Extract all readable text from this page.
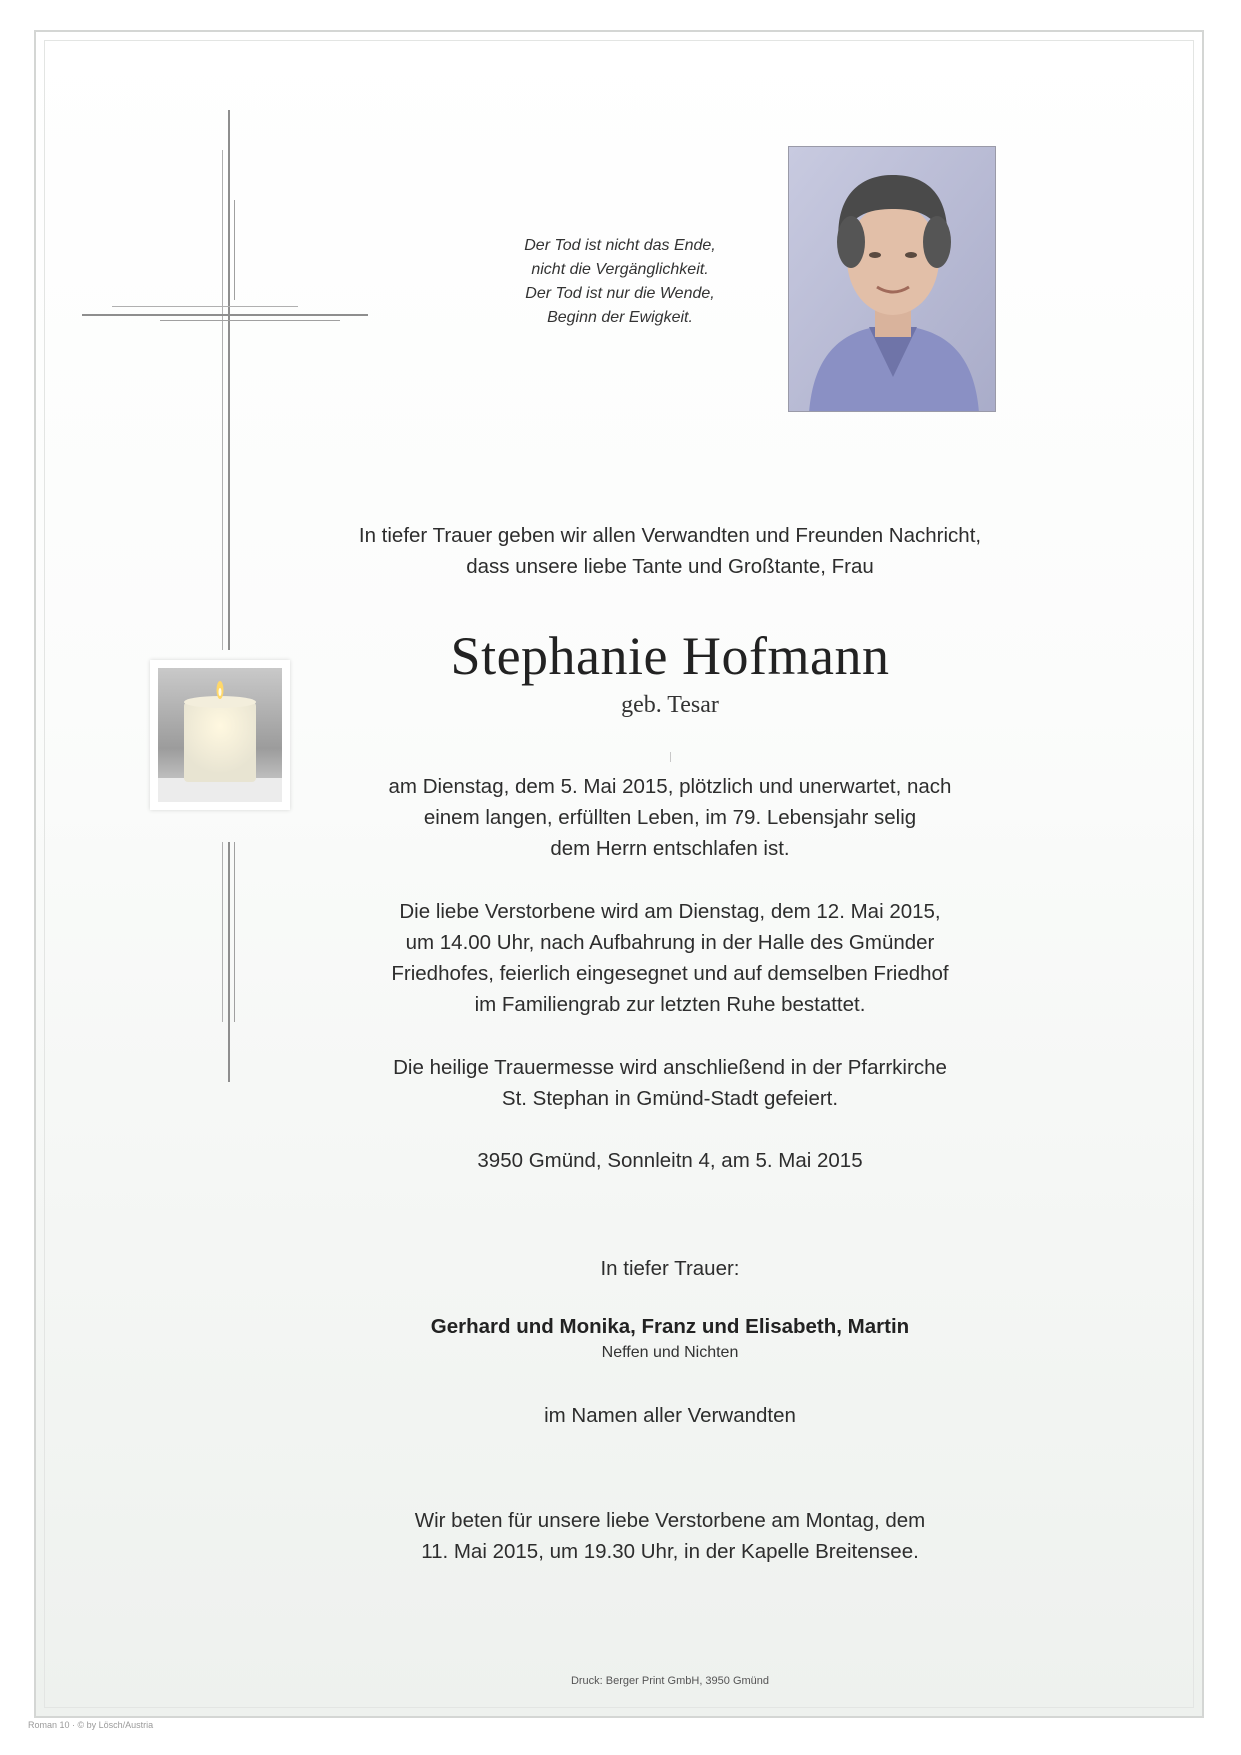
Der Tod ist nicht das Ende,
nicht die Vergänglichkeit.
Der Tod ist nur die Wende,
Beginn der Ewigkeit.
In tiefer Trauer geben wir allen Verwandten und Freunden Nachricht,
dass unsere liebe Tante und Großtante, Frau
Stephanie Hofmann
geb. Tesar
am Dienstag, dem 5. Mai 2015, plötzlich und unerwartet, nach
einem langen, erfüllten Leben, im 79. Lebensjahr selig
dem Herrn entschlafen ist.
Die liebe Verstorbene wird am Dienstag, dem 12. Mai 2015,
um 14.00 Uhr, nach Aufbahrung in der Halle des Gmünder
Friedhofes, feierlich eingesegnet und auf demselben Friedhof
im Familiengrab zur letzten Ruhe bestattet.
Die heilige Trauermesse wird anschließend in der Pfarrkirche
St. Stephan in Gmünd-Stadt gefeiert.
3950 Gmünd, Sonnleitn 4, am 5. Mai 2015
In tiefer Trauer:
Gerhard und Monika, Franz und Elisabeth, Martin
Neffen und Nichten
im Namen aller Verwandten
Wir beten für unsere liebe Verstorbene am Montag, dem
11. Mai 2015, um 19.30 Uhr, in der Kapelle Breitensee.
Druck: Berger Print GmbH, 3950 Gmünd
Roman 10 · © by Lösch/Austria
